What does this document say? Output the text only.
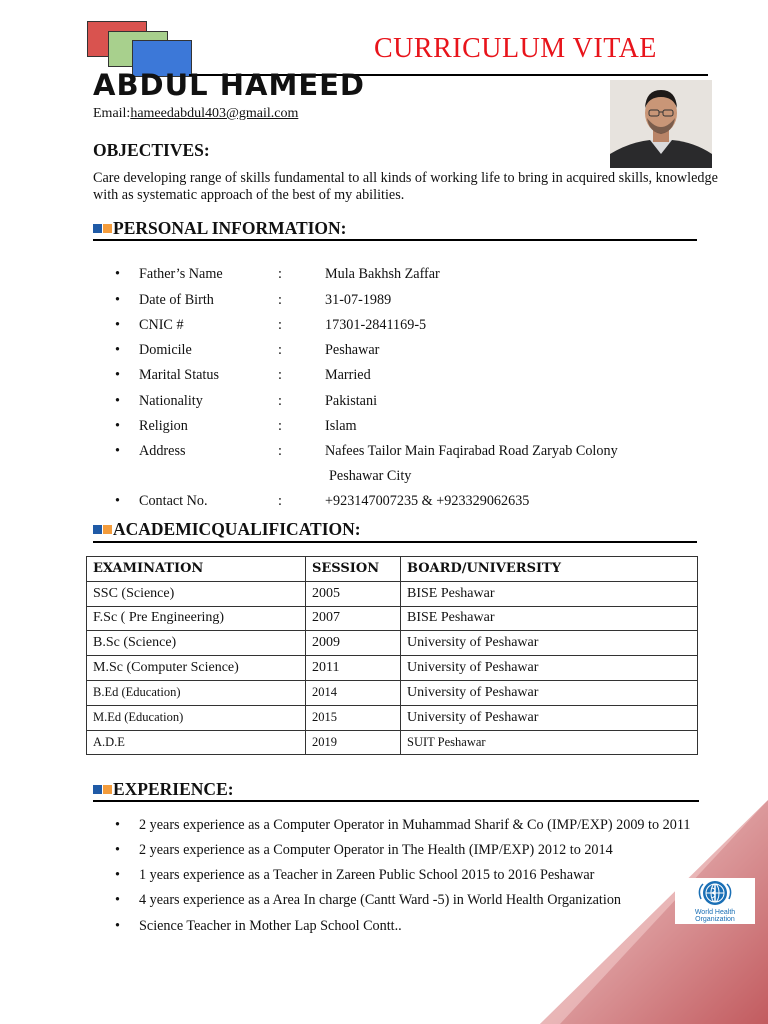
CURRICULUM VITAE
ABDUL HAMEED
Email:hameedabdul403@gmail.com
OBJECTIVES:
Care developing range of skills fundamental to all kinds of working life to bring in acquired skills, knowledge with as systematic approach of the best of my abilities.
PERSONAL INFORMATION:
• Father’s Name	:	Mula Bakhsh Zaffar
• Date of Birth	:	31-07-1989
• CNIC #	:	17301-2841169-5
• Domicile	:	Peshawar
• Marital Status	:	Married
• Nationality	:	Pakistani
• Religion	:	Islam
• Address	:	Nafees Tailor Main Faqirabad Road Zaryab Colony
Peshawar City
• Contact No.	:	+923147007235 & +923329062635
ACADEMICQUALIFICATION:
EXAMINATION	SESSION	BOARD/UNIVERSITY
SSC (Science)	2005	BISE Peshawar
F.Sc ( Pre Engineering)	2007	BISE Peshawar
B.Sc (Science)	2009	University of Peshawar
M.Sc (Computer Science)	2011	University of Peshawar
B.Ed (Education)	2014	University of Peshawar
M.Ed (Education)	2015	University of Peshawar
A.D.E	2019	SUIT Peshawar
EXPERIENCE:
• 2 years experience as a Computer Operator in Muhammad Sharif & Co (IMP/EXP) 2009 to 2011
• 2 years experience as a Computer Operator in The Health (IMP/EXP) 2012 to 2014
• 1 years experience as a Teacher in Zareen Public School 2015 to 2016 Peshawar
• 4 years experience as a Area In charge (Cantt Ward -5) in World Health Organization
• Science Teacher in Mother Lap School Contt..
World Health
Organization
